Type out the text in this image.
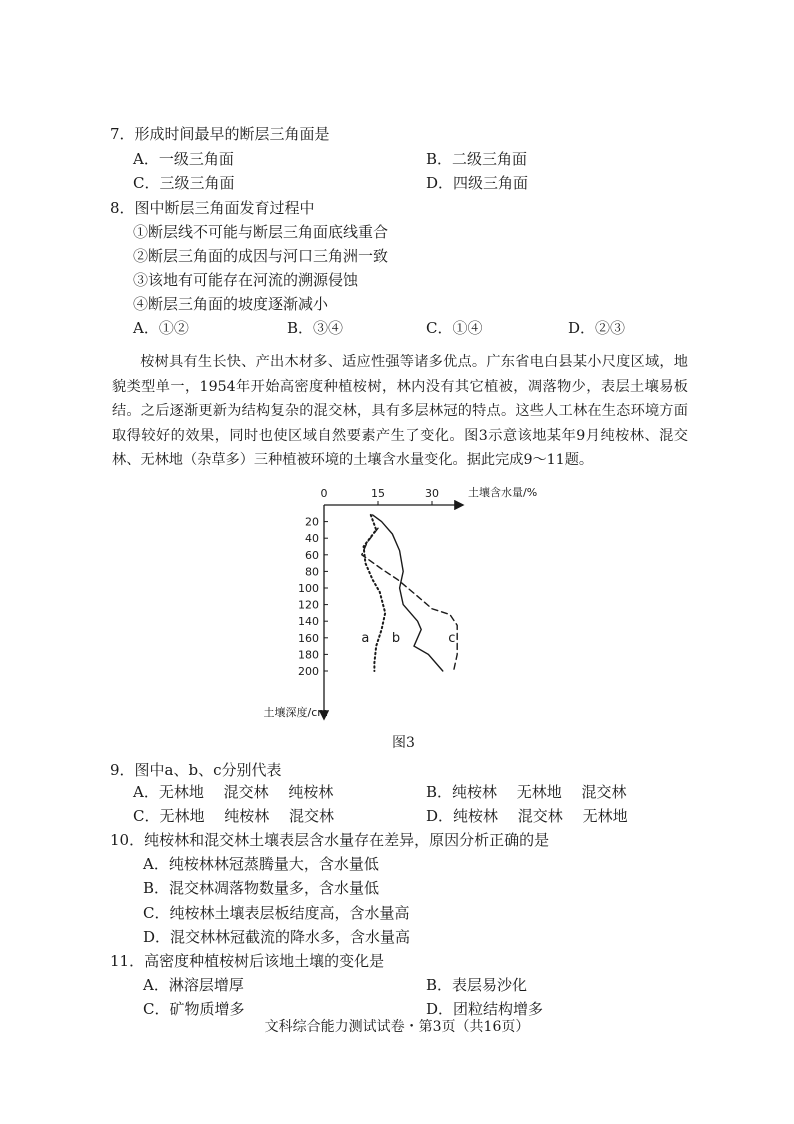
7．形成时间最早的断层三角面是
A．一级三角面	B．二级三角面
C．三级三角面	D．四级三角面
8．图中断层三角面发育过程中
①断层线不可能与断层三角面底线重合
②断层三角面的成因与河口三角洲一致
③该地有可能存在河流的溯源侵蚀
④断层三角面的坡度逐渐减小
A．①②	B．③④	C．①④	D．②③
桉树具有生长快、产出木材多、适应性强等诸多优点。广东省电白县某小尺度区域，地貌类型单一，1954年开始高密度种植桉树，林内没有其它植被，凋落物少，表层土壤易板结。之后逐渐更新为结构复杂的混交林，具有多层林冠的特点。这些人工林在生态环境方面取得较好的效果，同时也使区域自然要素产生了变化。图3示意该地某年9月纯桉林、混交林、无林地（杂草多）三种植被环境的土壤含水量变化。据此完成9～11题。
0	15	30
20
40
60
80
100
120
140
160
180
200
a b	c
土壤含水量/%
土壤深度/cm
图3
9．图中a、b、c分别代表
A．无林地　 混交林　 纯桉林	B．纯桉林　 无林地　 混交林
C．无林地　 纯桉林　 混交林	D．纯桉林　 混交林　 无林地
10．纯桉林和混交林土壤表层含水量存在差异，原因分析正确的是
A．纯桉林林冠蒸腾量大，含水量低
B．混交林凋落物数量多，含水量低
C．纯桉林土壤表层板结度高，含水量高
D．混交林林冠截流的降水多，含水量高
11．高密度种植桉树后该地土壤的变化是
A．淋溶层增厚	B．表层易沙化
C．矿物质增多	D．团粒结构增多
文科综合能力测试试卷・第3页（共16页）
